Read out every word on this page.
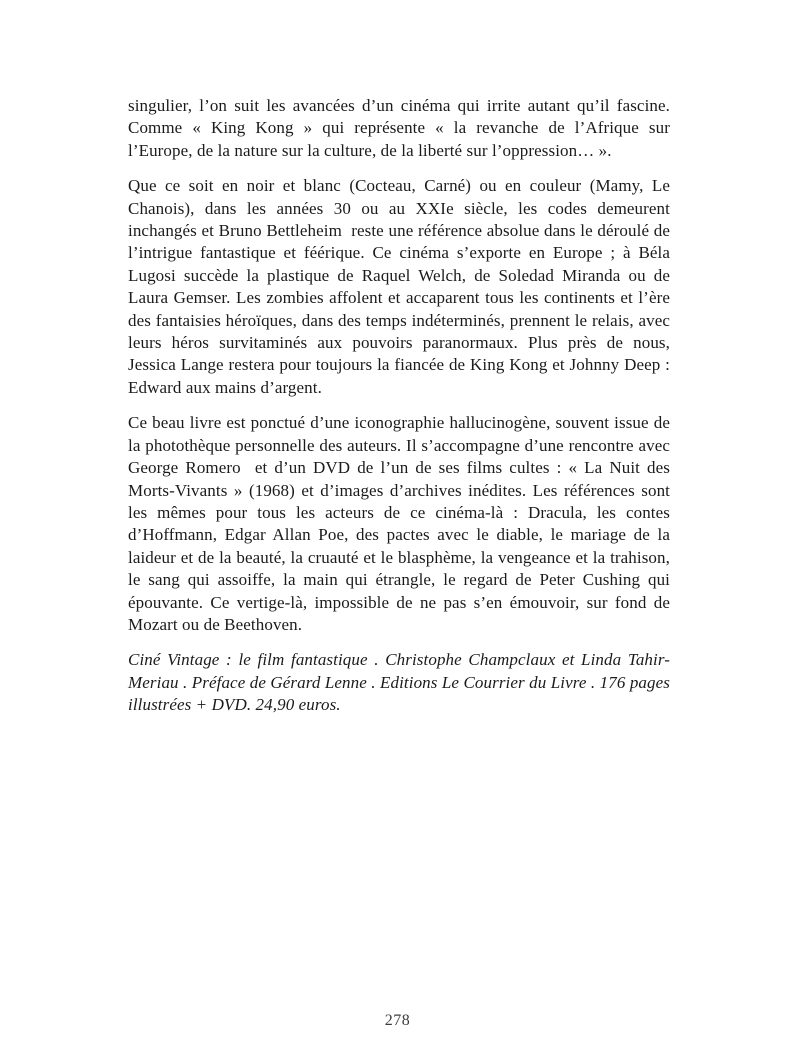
singulier, l’on suit les avancées d’un cinéma qui irrite autant qu’il fascine. Comme « King Kong » qui représente « la revanche de l’Afrique sur l’Europe, de la nature sur la culture, de la liberté sur l’oppression… ».

Que ce soit en noir et blanc (Cocteau, Carné) ou en couleur (Mamy, Le Chanois), dans les années 30 ou au XXIe siècle, les codes demeurent inchangés et Bruno Bettleheim  reste une référence absolue dans le déroulé de l’intrigue fantastique et féérique. Ce cinéma s’exporte en Europe ; à Béla Lugosi succède la plastique de Raquel Welch, de Soledad Miranda ou de Laura Gemser. Les zombies affolent et accaparent tous les continents et l’ère des fantaisies héroïques, dans des temps indéterminés, prennent le relais, avec leurs héros survitaminés aux pouvoirs paranormaux. Plus près de nous, Jessica Lange restera pour toujours la fiancée de King Kong et Johnny Deep : Edward aux mains d’argent.

Ce beau livre est ponctué d’une iconographie hallucinogène, souvent issue de la photothèque personnelle des auteurs. Il s’accompagne d’une rencontre avec George Romero  et d’un DVD de l’un de ses films cultes : « La Nuit des Morts-Vivants » (1968) et d’images d’archives inédites. Les références sont les mêmes pour tous les acteurs de ce cinéma-là : Dracula, les contes d’Hoffmann, Edgar Allan Poe, des pactes avec le diable, le mariage de la laideur et de la beauté, la cruauté et le blasphème, la vengeance et la trahison, le sang qui assoiffe, la main qui étrangle, le regard de Peter Cushing qui épouvante. Ce vertige-là, impossible de ne pas s’en émouvoir, sur fond de Mozart ou de Beethoven.

Ciné Vintage : le film fantastique . Christophe Champclaux et Linda Tahir-Meriau . Préface de Gérard Lenne . Editions Le Courrier du Livre . 176 pages illustrées + DVD. 24,90 euros.

278
